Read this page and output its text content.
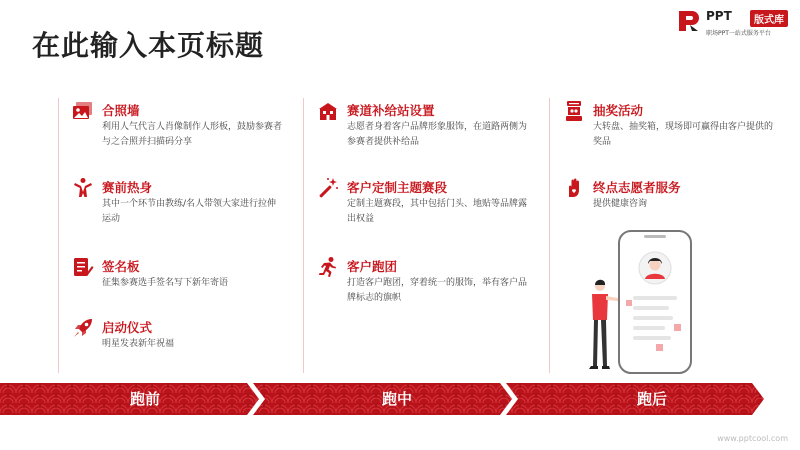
在此输入本页标题
PPT	版式库
职场PPT一站式服务平台
合照墙
利用人气代言人肖像制作人形板，鼓励参赛者与之合照并扫描码分享
赛前热身
其中一个环节由教练/名人带领大家进行拉伸运动
签名板
征集参赛选手签名写下新年寄语
启动仪式
明星发表新年祝福
赛道补给站设置
志愿者身着客户品牌形象服饰，在道路两侧为参赛者提供补给品
客户定制主题赛段
定制主题赛段，其中包括门头、地贴等品牌露出权益
客户跑团
打造客户跑团，穿着统一的服饰，举有客户品牌标志的旗帜
抽奖活动
大转盘、抽奖箱，现场即可赢得由客户提供的奖品
终点志愿者服务
提供健康咨询
跑前	跑中	跑后
www.pptcool.com
